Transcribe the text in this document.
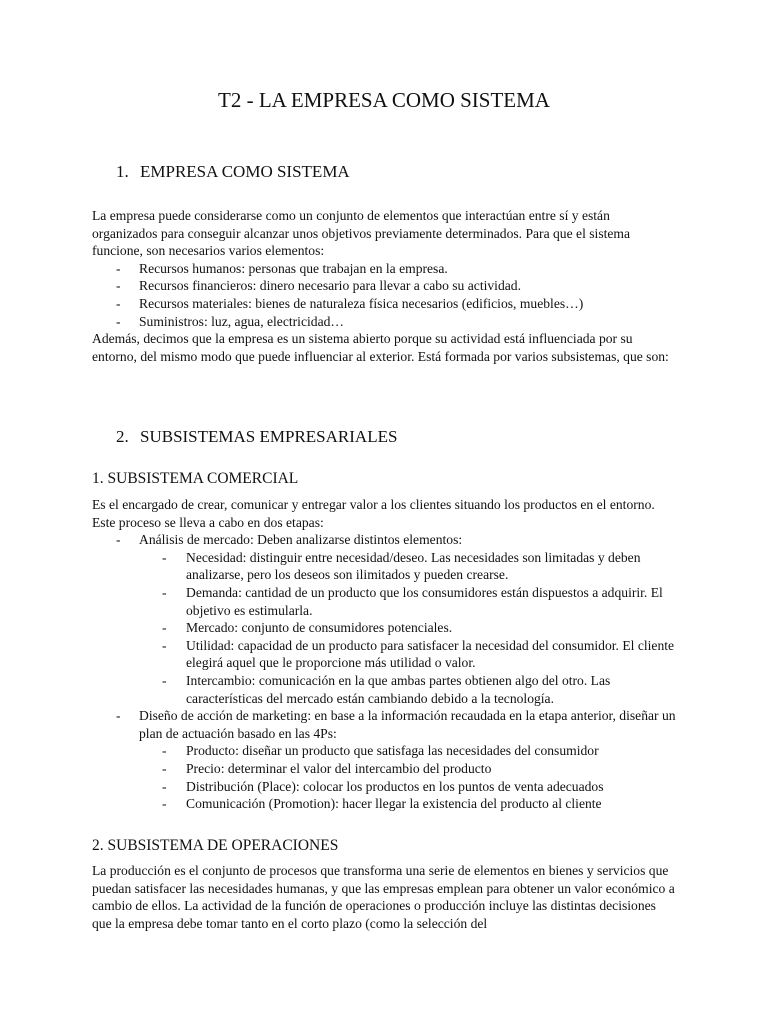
T2 - LA EMPRESA COMO SISTEMA
1. EMPRESA COMO SISTEMA

La empresa puede considerarse como un conjunto de elementos que interactúan entre sí y están organizados para conseguir alcanzar unos objetivos previamente determinados. Para que el sistema funcione, son necesarios varios elementos:

- Recursos humanos: personas que trabajan en la empresa.
- Recursos financieros: dinero necesario para llevar a cabo su actividad.
- Recursos materiales: bienes de naturaleza física necesarios (edificios, muebles…)
- Suministros: luz, agua, electricidad…

Además, decimos que la empresa es un sistema abierto porque su actividad está influenciada por su entorno, del mismo modo que puede influenciar al exterior. Está formada por varios subsistemas, que son:

2. SUBSISTEMAS EMPRESARIALES
1. SUBSISTEMA COMERCIAL

Es el encargado de crear, comunicar y entregar valor a los clientes situando los productos en el entorno. Este proceso se lleva a cabo en dos etapas:

- Análisis de mercado: Deben analizarse distintos elementos:
- Necesidad: distinguir entre necesidad/deseo. Las necesidades son limitadas y deben analizarse, pero los deseos son ilimitados y pueden crearse.
- Demanda: cantidad de un producto que los consumidores están dispuestos a adquirir. El objetivo es estimularla.
- Mercado: conjunto de consumidores potenciales.
- Utilidad: capacidad de un producto para satisfacer la necesidad del consumidor. El cliente elegirá aquel que le proporcione más utilidad o valor.
- Intercambio: comunicación en la que ambas partes obtienen algo del otro. Las características del mercado están cambiando debido a la tecnología.
- Diseño de acción de marketing: en base a la información recaudada en la etapa anterior, diseñar un plan de actuación basado en las 4Ps:
- Producto: diseñar un producto que satisfaga las necesidades del consumidor
- Precio: determinar el valor del intercambio del producto
- Distribución (Place): colocar los productos en los puntos de venta adecuados
- Comunicación (Promotion): hacer llegar la existencia del producto al cliente
2. SUBSISTEMA DE OPERACIONES

La producción es el conjunto de procesos que transforma una serie de elementos en bienes y servicios que puedan satisfacer las necesidades humanas, y que las empresas emplean para obtener un valor económico a cambio de ellos. La actividad de la función de operaciones o producción incluye las distintas decisiones que la empresa debe tomar tanto en el corto plazo (como la selección del
